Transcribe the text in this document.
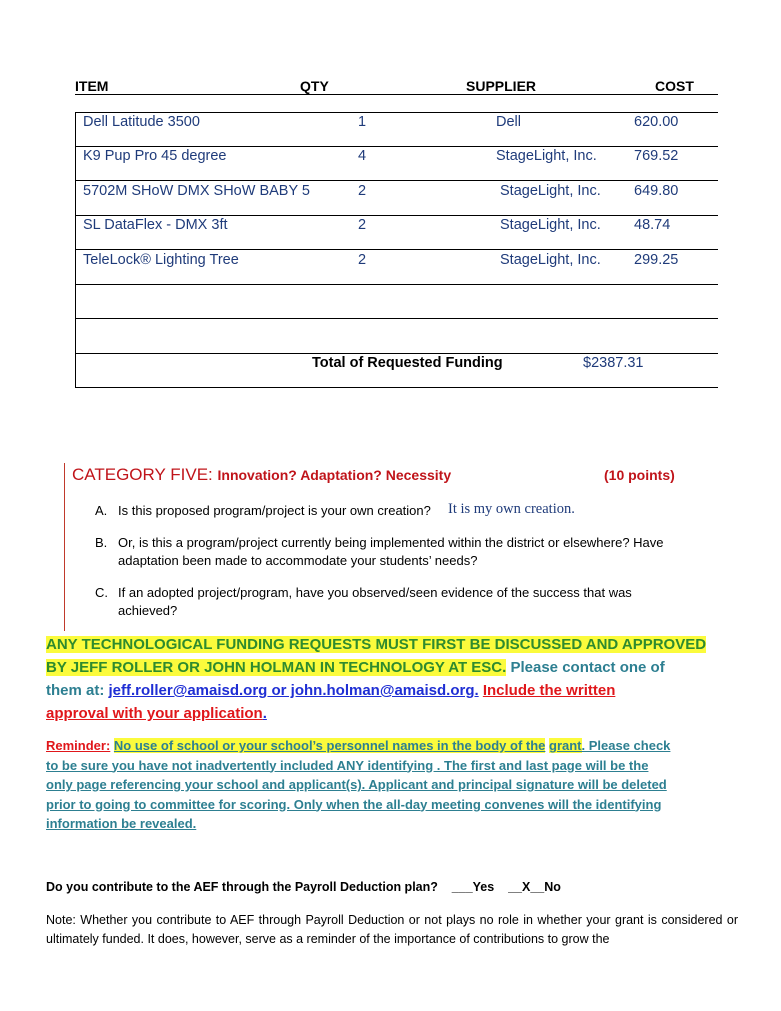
ITEM	QTY	SUPPLIER	COST
Dell Latitude 3500	1	Dell	620.00
K9 Pup Pro 45 degree	4	StageLight, Inc.	769.52
5702M SHoW DMX SHoW BABY 5	2	StageLight, Inc. 649.80
SL DataFlex - DMX 3ft	2	StageLight, Inc. 48.74
TeleLock® Lighting Tree	2	StageLight, Inc. 299.25
Total of Requested Funding	$2387.31
CATEGORY FIVE: Innovation? Adaptation? Necessity	(10 points)
A. Is this proposed program/project is your own creation? It is my own creation.
B. Or, is this a program/project currently being implemented within the district or elsewhere? Have
adaptation been made to accommodate your students’ needs?
C. If an adopted project/program, have you observed/seen evidence of the success that was
achieved?
ANY TECHNOLOGICAL FUNDING REQUESTS MUST FIRST BE DISCUSSED AND APPROVED
BY JEFF ROLLER OR JOHN HOLMAN IN TECHNOLOGY AT ESC. Please contact one of
them at: jeff.roller@amaisd.org or john.holman@amaisd.org. Include the written
approval with your application.
Reminder: No use of school or your school’s personnel names in the body of the grant. Please check
to be sure you have not inadvertently included ANY identifying . The first and last page will be the
only page referencing your school and applicant(s). Applicant and principal signature will be deleted
prior to going to committee for scoring. Only when the all-day meeting convenes will the identifying
information be revealed.
Do you contribute to the AEF through the Payroll Deduction plan? ___Yes    __X__No
Note: Whether you contribute to AEF through Payroll Deduction or not plays no role in whether your grant is considered or ultimately funded. It does, however, serve as a reminder of the importance of contributions to grow the
